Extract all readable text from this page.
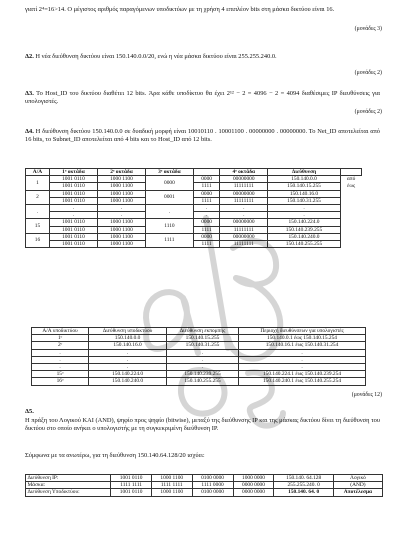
γιατί 2⁴=16>14. Ο μέγιστος αριθμός παραγόμενων υποδικτύων με τη χρήση 4 επιπλέον bits στη μάσκα δικτύου είναι 16.

(μονάδες 3)

Δ2. Η νέα διεύθυνση δικτύου είναι 150.140.0.0/20, ενώ η νέα μάσκα δικτύου είναι 255.255.240.0.

(μονάδες 2)

Δ3. Το Host_ID του δικτύου διαθέτει 12 bits. Άρα κάθε υποδίκτυο θα έχει 2¹² − 2 = 4096 − 2 = 4094 διαθέσιμες IP διευθύνσεις για υπολογιστές.

(μονάδες 2)

Δ4. Η διεύθυνση δικτύου 150.140.0.0 σε δυαδική μορφή είναι 10010110 . 10001100 . 00000000 . 00000000. Το Net_ID αποτελείται από 16 bits, το Subnet_ID αποτελείται από 4 bits και το Host_ID από 12 bits.

Α/Α	1ᵒ οκτάδα	2ᵒ οκτάδα	3ᵒ οκτάδα		4ᵒ οκτάδα	Διεύθυνση	
1	1001 0110	1000 1100	0000	0000	00000000	150.140.0.0	από
	1001 0110	1000 1100		1111	11111111	150.140.15.255	έως
2	1001 0110	1000 1100	0001	0000	00000000	150.140.16.0	
	1001 0110	1000 1100		1111	11111111	150.140.31.255	
.	.	.	.	.	.	.	
	.	.		.	.	.	
15	1001 0110	1000 1100	1110	0000	00000000	150.140.224.0	
	1001 0110	1000 1100		1111	11111111	150.140.239.255	
16	1001 0110	1000 1100	1111	0000	00000000	150.140.240.0	
	1001 0110	1000 1100		1111	11111111	150.140.255.255	
Α/Α υποδικτύου	Διεύθυνση υποδικτύου	Διεύθυνση εκπομπής	Περιοχή διευθύνσεων για υπολογιστές
1ᵒ	150.140.0.0	150.140.15.255	150.140.0.1 έως 150.140.15.254
2ᵒ	150.140.16.0	150.140.31.255	150.140.16.1 έως 150.140.31.254
.	.	.	.
.	.	.	.
.	.	.	.
15ᵒ	150.140.224.0	150.140.239.255	150.140.224.1 έως 150.140.239.254
16ᵒ	150.140.240.0	150.140.255.255	150.140.240.1 έως 150.140.255.254
(μονάδες 12)

Δ5.

Η πράξη του Λογικού ΚΑΙ (AND), ψηφίο προς ψηφίο (bitwise), μεταξύ της διεύθυνσης IP και της μάσκας δικτύου δίνει τη διεύθυνση του δικτύου στο οποίο ανήκει ο υπολογιστής με τη συγκεκριμένη διεύθυνση IP.

Σύμφωνα με τα ανωτέρω, για τη διεύθυνση 150.140.64.128/20 ισχύει:

Διεύθυνση IP:	1001 0110	1000 1100	0100 0000	1000 0000	150.140. 64.128	Λογικό
Μάσκα:	1111 1111	1111 1111	1111 0000	0000 0000	255.255.240. 0	(AND)
Διεύθυνση Υποδικτύου:	1001 0110	1000 1100	0100 0000	0000 0000	150.140. 64. 0	Αποτέλεσμα
